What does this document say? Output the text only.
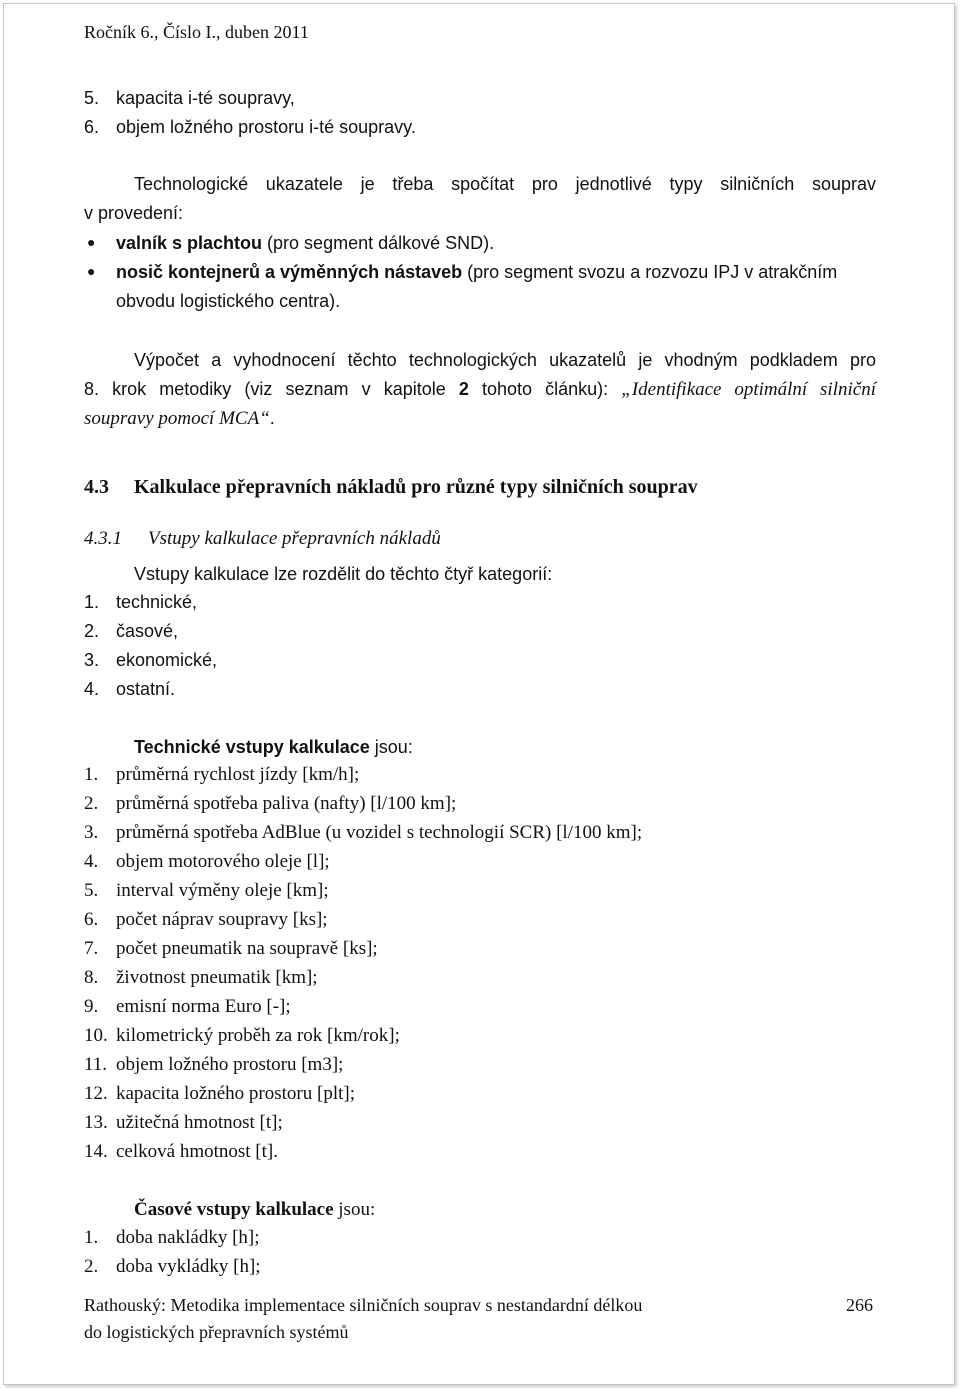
Ročník 6., Číslo I., duben 2011
5. kapacita i-té soupravy,
6. objem ložného prostoru i-té soupravy.
Technologické ukazatele je třeba spočítat pro jednotlivé typy silničních souprav
v provedení:
● valník s plachtou (pro segment dálkové SND).
● nosič kontejnerů a výměnných nástaveb (pro segment svozu a rozvozu IPJ v atrakčním
obvodu logistického centra).
Výpočet a vyhodnocení těchto technologických ukazatelů je vhodným podkladem pro
8. krok metodiky (viz seznam v kapitole 2 tohoto článku): „Identifikace optimální silniční
soupravy pomocí MCA“.
4.3 Kalkulace přepravních nákladů pro různé typy silničních souprav
4.3.1 Vstupy kalkulace přepravních nákladů
Vstupy kalkulace lze rozdělit do těchto čtyř kategorií:
1. technické,
2. časové,
3. ekonomické,
4. ostatní.
Technické vstupy kalkulace jsou:
1. průměrná rychlost jízdy [km/h];
2. průměrná spotřeba paliva (nafty) [l/100 km];
3. průměrná spotřeba AdBlue (u vozidel s technologií SCR) [l/100 km];
4. objem motorového oleje [l];
5. interval výměny oleje [km];
6. počet náprav soupravy [ks];
7. počet pneumatik na soupravě [ks];
8. životnost pneumatik [km];
9. emisní norma Euro [-];
10. kilometrický proběh za rok [km/rok];
11. objem ložného prostoru [m3];
12. kapacita ložného prostoru [plt];
13. užitečná hmotnost [t];
14. celková hmotnost [t].
Časové vstupy kalkulace jsou:
1. doba nakládky [h];
2. doba vykládky [h];
Rathouský: Metodika implementace silničních souprav s nestandardní délkou
do logistických přepravních systémů
266
